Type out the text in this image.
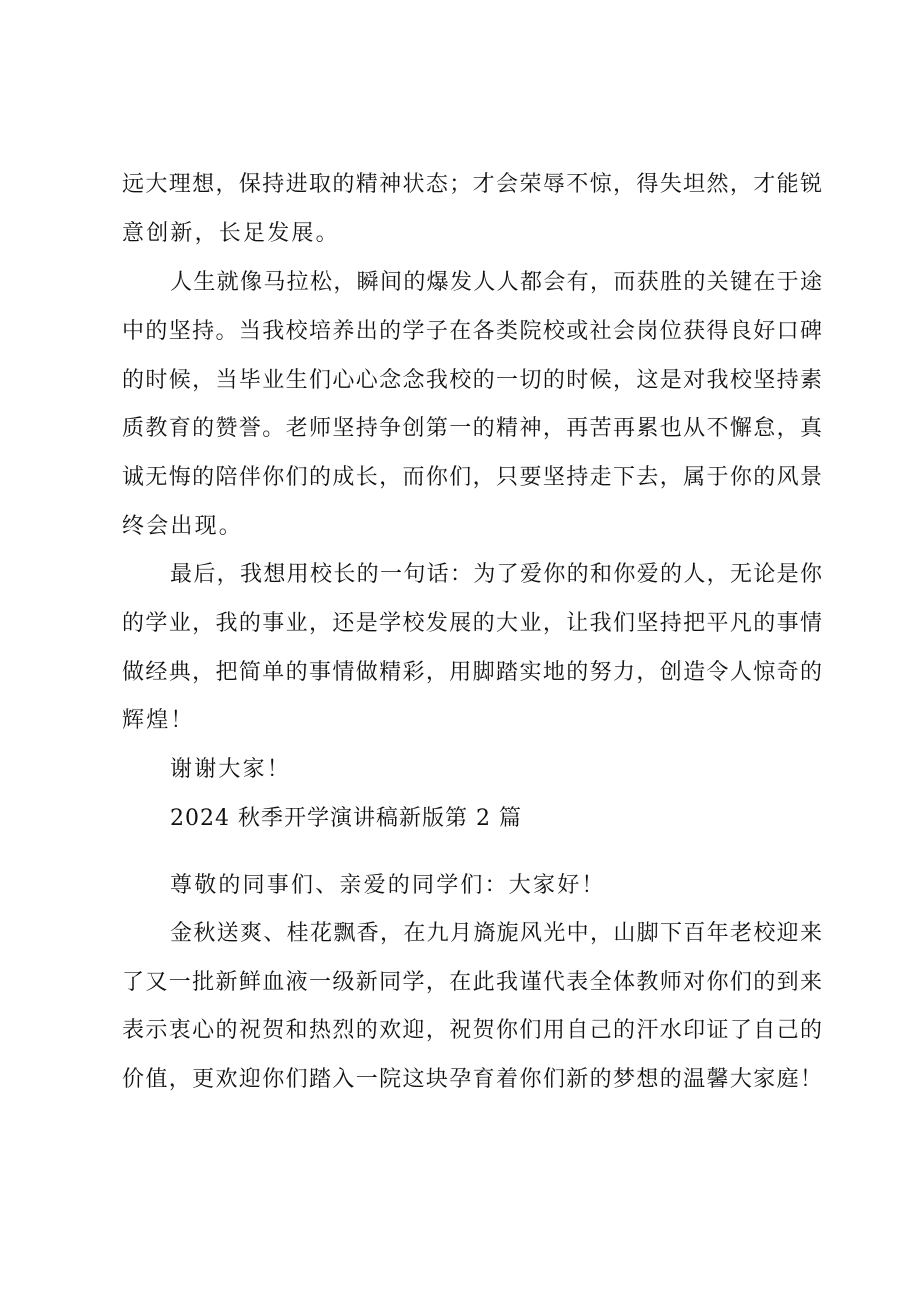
远大理想，保持进取的精神状态；才会荣辱不惊，得失坦然，才能锐
意创新，长足发展。
人生就像马拉松，瞬间的爆发人人都会有，而获胜的关键在于途
中的坚持。当我校培养出的学子在各类院校或社会岗位获得良好口碑
的时候，当毕业生们心心念念我校的一切的时候，这是对我校坚持素
质教育的赞誉。老师坚持争创第一的精神，再苦再累也从不懈怠，真
诚无悔的陪伴你们的成长，而你们，只要坚持走下去，属于你的风景
终会出现。
最后，我想用校长的一句话：为了爱你的和你爱的人，无论是你
的学业，我的事业，还是学校发展的大业，让我们坚持把平凡的事情
做经典，把简单的事情做精彩，用脚踏实地的努力，创造令人惊奇的
辉煌！
谢谢大家！
2024 秋季开学演讲稿新版第 2 篇
尊敬的同事们、亲爱的同学们：大家好！
金秋送爽、桂花飘香，在九月旖旎风光中，山脚下百年老校迎来
了又一批新鲜血液一级新同学，在此我谨代表全体教师对你们的到来
表示衷心的祝贺和热烈的欢迎，祝贺你们用自己的汗水印证了自己的
价值，更欢迎你们踏入一院这块孕育着你们新的梦想的温馨大家庭！
